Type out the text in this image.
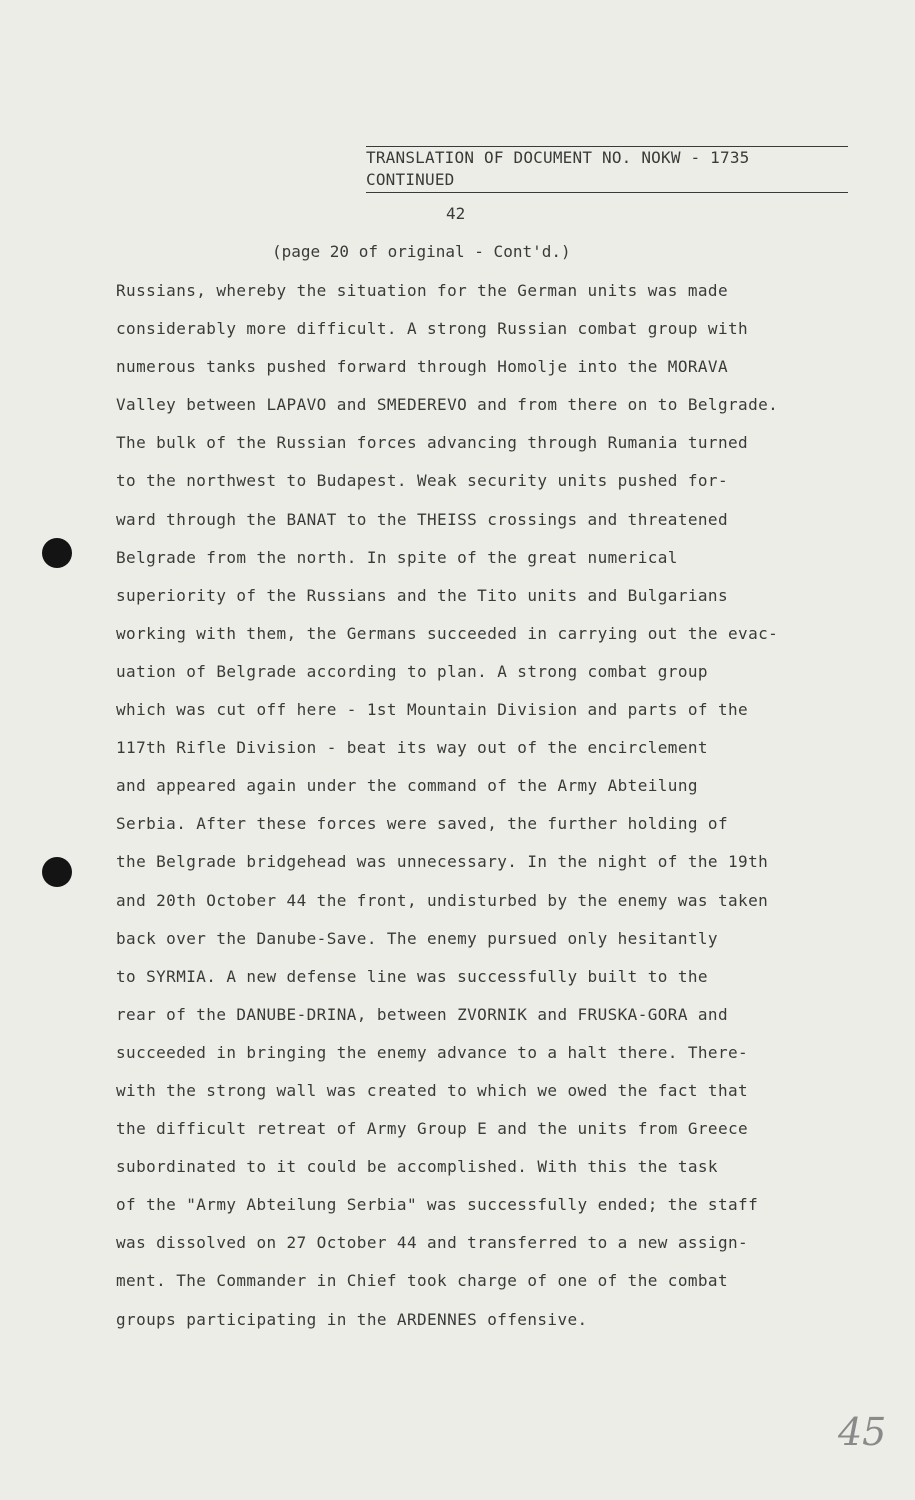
TRANSLATION OF DOCUMENT NO. NOKW - 1735
CONTINUED
42
(page 20 of original - Cont'd.)
Russians, whereby the situation for the German units was made
considerably more difficult. A strong Russian combat group with
numerous tanks pushed forward through Homolje into the MORAVA
Valley between LAPAVO and SMEDEREVO and from there on to Belgrade.
The bulk of the Russian forces advancing through Rumania turned
to the northwest to Budapest. Weak security units pushed for-
ward through the BANAT to the THEISS crossings and threatened
Belgrade from the north. In spite of the great numerical
superiority of the Russians and the Tito units and Bulgarians
working with them, the Germans succeeded in carrying out the evac-
uation of Belgrade according to plan. A strong combat group
which was cut off here - 1st Mountain Division and parts of the
117th Rifle Division - beat its way out of the encirclement
and appeared again under the command of the Army Abteilung
Serbia. After these forces were saved, the further holding of
the Belgrade bridgehead was unnecessary. In the night of the 19th
and 20th October 44 the front, undisturbed by the enemy was taken
back over the Danube-Save. The enemy pursued only hesitantly
to SYRMIA. A new defense line was successfully built to the
rear of the DANUBE-DRINA, between ZVORNIK and FRUSKA-GORA and
succeeded in bringing the enemy advance to a halt there. There-
with the strong wall was created to which we owed the fact that
the difficult retreat of Army Group E and the units from Greece
subordinated to it could be accomplished. With this the task
of the "Army Abteilung Serbia" was successfully ended; the staff
was dissolved on 27 October 44 and transferred to a new assign-
ment. The Commander in Chief took charge of one of the combat
groups participating in the ARDENNES offensive.
45
